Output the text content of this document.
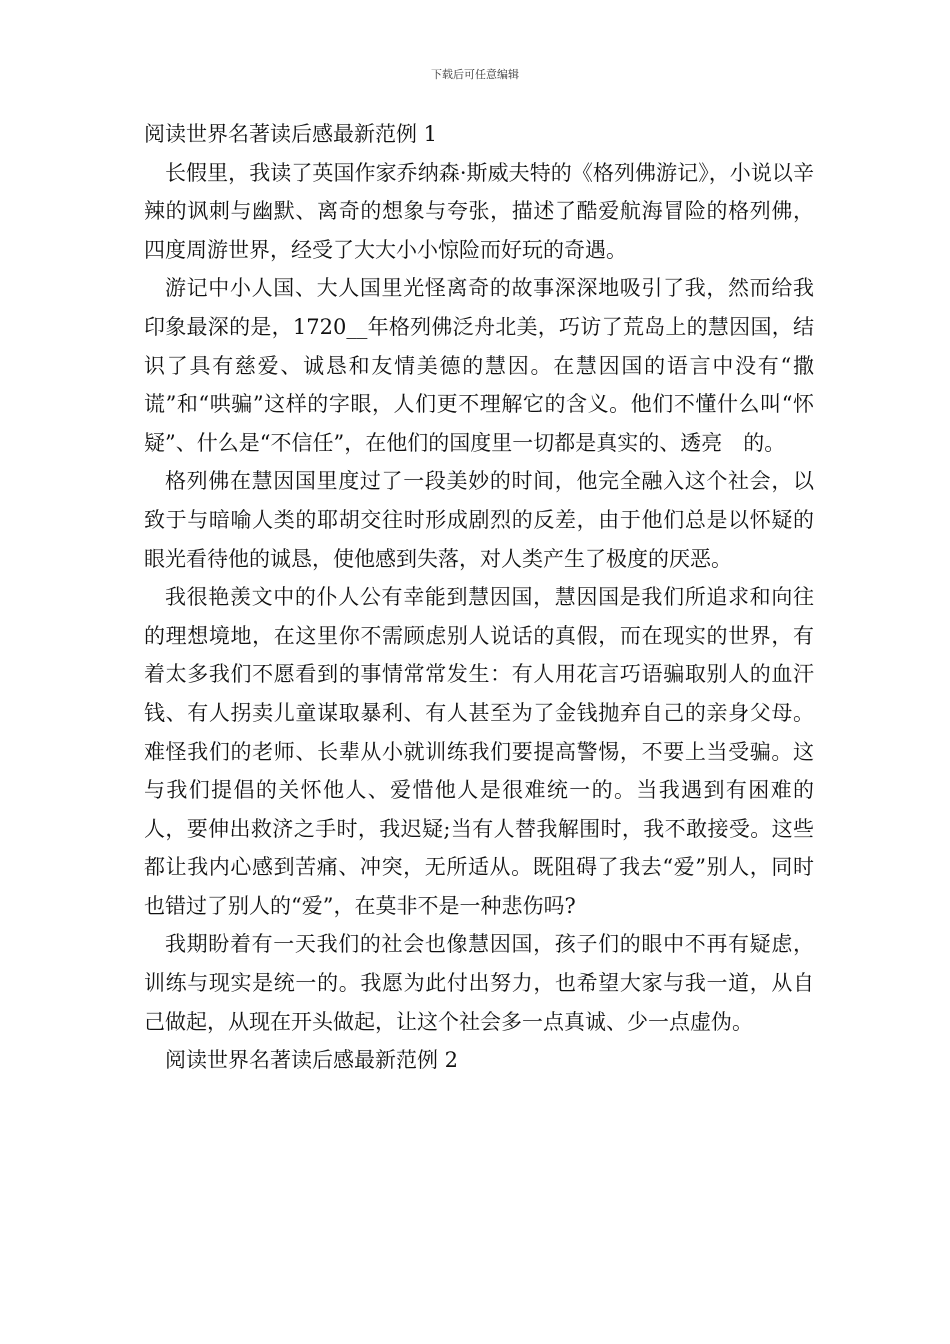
下载后可任意编辑

阅读世界名著读后感最新范例 1

长假里，我读了英国作家乔纳森·斯威夫特的《格列佛游记》，小说以辛辣的讽刺与幽默、离奇的想象与夸张，描述了酷爱航海冒险的格列佛，四度周游世界，经受了大大小小惊险而好玩的奇遇。

游记中小人国、大人国里光怪离奇的故事深深地吸引了我，然而给我印象最深的是，1720__年格列佛泛舟北美，巧访了荒岛上的慧因国，结识了具有慈爱、诚恳和友情美德的慧因。在慧因国的语言中没有“撒谎”和“哄骗”这样的字眼，人们更不理解它的含义。他们不懂什么叫“怀疑”、什么是“不信任”，在他们的国度里一切都是真实的、透亮　的。

格列佛在慧因国里度过了一段美妙的时间，他完全融入这个社会，以致于与暗喻人类的耶胡交往时形成剧烈的反差，由于他们总是以怀疑的眼光看待他的诚恳，使他感到失落，对人类产生了极度的厌恶。

我很艳羡文中的仆人公有幸能到慧因国，慧因国是我们所追求和向往的理想境地，在这里你不需顾虑别人说话的真假，而在现实的世界，有着太多我们不愿看到的事情常常发生：有人用花言巧语骗取别人的血汗钱、有人拐卖儿童谋取暴利、有人甚至为了金钱抛弃自己的亲身父母。难怪我们的老师、长辈从小就训练我们要提高警惕，不要上当受骗。这与我们提倡的关怀他人、爱惜他人是很难统一的。当我遇到有困难的人，要伸出救济之手时，我迟疑;当有人替我解围时，我不敢接受。这些都让我内心感到苦痛、冲突，无所适从。既阻碍了我去“爱”别人，同时也错过了别人的“爱”，在莫非不是一种悲伤吗?

我期盼着有一天我们的社会也像慧因国，孩子们的眼中不再有疑虑，训练与现实是统一的。我愿为此付出努力，也希望大家与我一道，从自己做起，从现在开头做起，让这个社会多一点真诚、少一点虚伪。

阅读世界名著读后感最新范例 2
